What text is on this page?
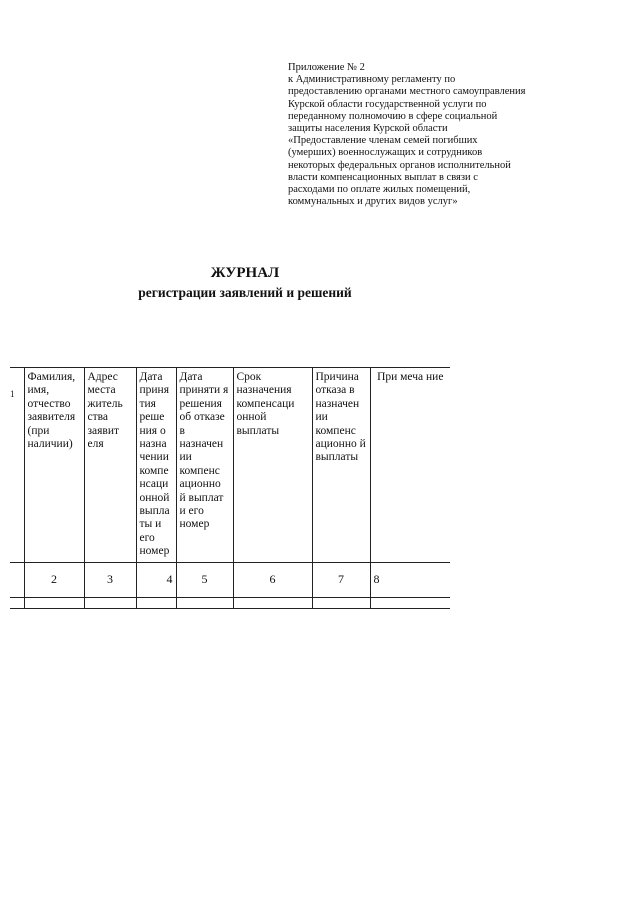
Приложение № 2
к Административному регламенту по
предоставлению органами местного самоуправления
Курской области государственной услуги по
переданному полномочию в сфере социальной
защиты населения Курской области
«Предоставление членам семей погибших
(умерших) военнослужащих и сотрудников
некоторых федеральных органов исполнительной
власти компенсационных выплат в связи с
расходами по оплате жилых помещений,
коммунальных и других видов услуг»
ЖУРНАЛ
регистрации заявлений и решений
1	Фамилия, имя, отчество заявителя (при наличии)	Адрес места житель ства заявит еля	Дата приня тия реше ния о назна чении компе нсаци онной выпла ты и его номер	Дата приняти я решения об отказе в назначен ии компенс ационно й выплат и его номер	Срок назначения компенсаци онной выплаты	Причина отказа в назначен ии компенс ационно й выплаты	При меча ние
	2	3	4	5	6	7	8
